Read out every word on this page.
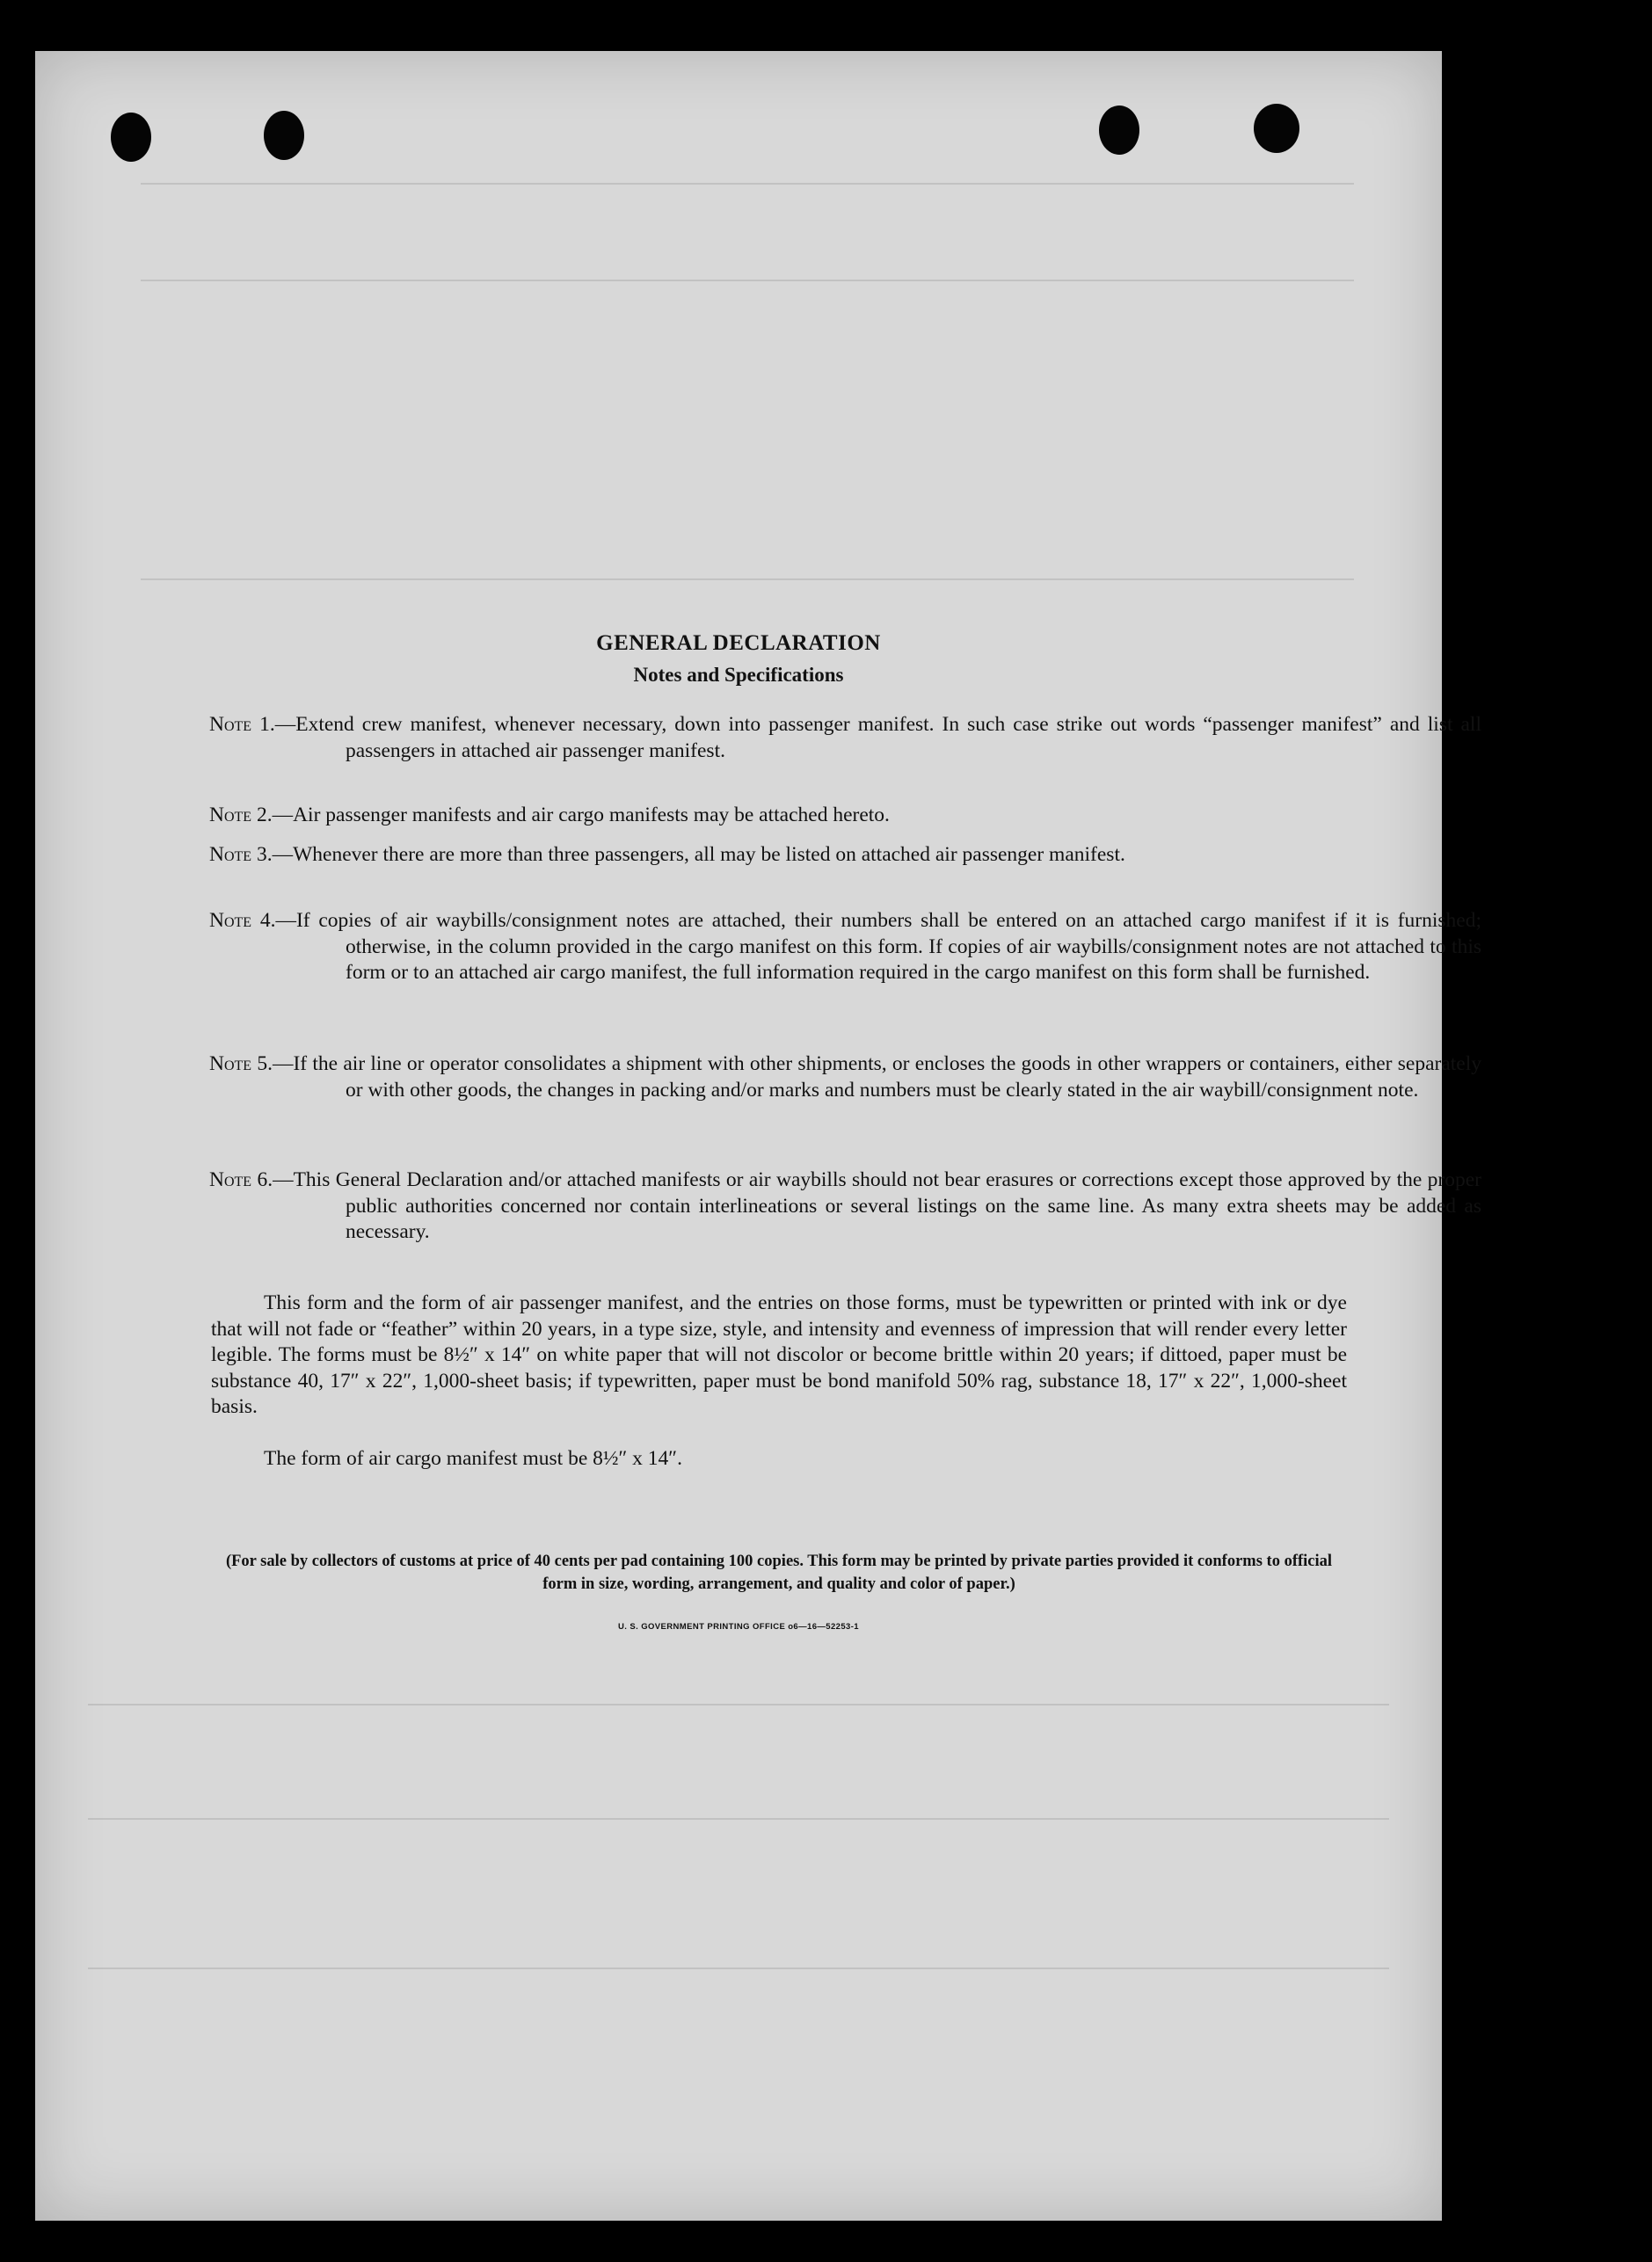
GENERAL DECLARATION
Notes and Specifications
Note 1.—Extend crew manifest, whenever necessary, down into passenger manifest. In such case strike out words “passenger manifest” and list all passengers in attached air passenger manifest.
Note 2.—Air passenger manifests and air cargo manifests may be attached hereto.
Note 3.—Whenever there are more than three passengers, all may be listed on attached air passenger manifest.
Note 4.—If copies of air waybills/consignment notes are attached, their numbers shall be entered on an attached cargo manifest if it is furnished; otherwise, in the column provided in the cargo manifest on this form. If copies of air waybills/consignment notes are not attached to this form or to an attached air cargo manifest, the full information required in the cargo manifest on this form shall be furnished.
Note 5.—If the air line or operator consolidates a shipment with other shipments, or encloses the goods in other wrappers or containers, either separately or with other goods, the changes in packing and/or marks and numbers must be clearly stated in the air waybill/consignment note.
Note 6.—This General Declaration and/or attached manifests or air waybills should not bear erasures or corrections except those approved by the proper public authorities concerned nor contain interlineations or several listings on the same line. As many extra sheets may be added as necessary.
This form and the form of air passenger manifest, and the entries on those forms, must be typewritten or printed with ink or dye that will not fade or “feather” within 20 years, in a type size, style, and intensity and evenness of impression that will render every letter legible. The forms must be 8½″ x 14″ on white paper that will not discolor or become brittle within 20 years; if dittoed, paper must be substance 40, 17″ x 22″, 1,000-sheet basis; if typewritten, paper must be bond manifold 50% rag, substance 18, 17″ x 22″, 1,000-sheet basis.
The form of air cargo manifest must be 8½″ x 14″.
(For sale by collectors of customs at price of 40 cents per pad containing 100 copies. This form may be printed by private parties provided it conforms to official form in size, wording, arrangement, and quality and color of paper.)
U. S. GOVERNMENT PRINTING OFFICE o6—16—52253-1
